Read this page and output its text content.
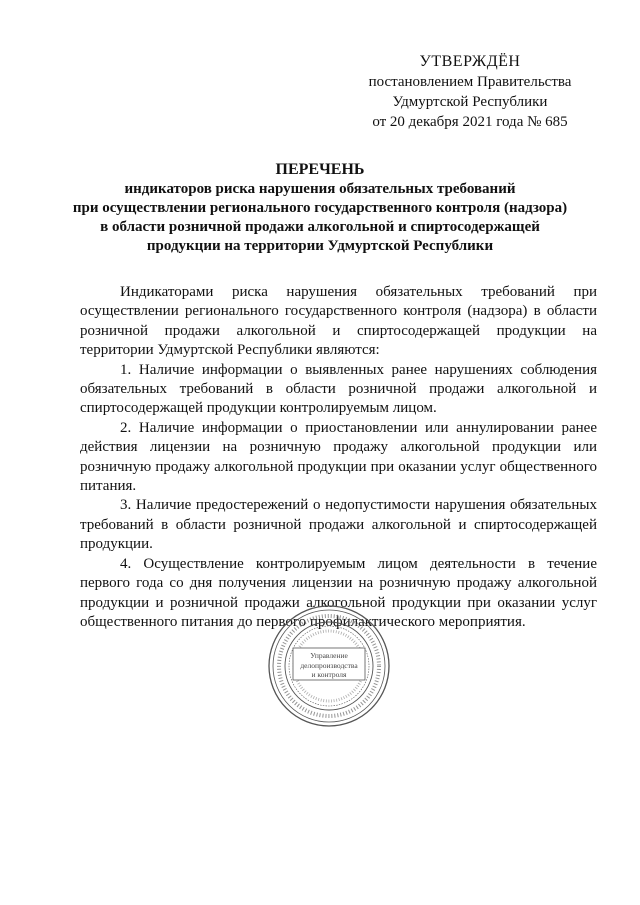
УТВЕРЖДЁН
постановлением Правительства
Удмуртской Республики
от 20 декабря 2021 года № 685
ПЕРЕЧЕНЬ
индикаторов риска нарушения обязательных требований
при осуществлении регионального государственного контроля (надзора)
в области розничной продажи алкогольной и спиртосодержащей
продукции на территории Удмуртской Республики

Индикаторами риска нарушения обязательных требований при осуществлении регионального государственного контроля (надзора) в области розничной продажи алкогольной и спиртосодержащей продукции на территории Удмуртской Республики являются:

1. Наличие информации о выявленных ранее нарушениях соблюдения обязательных требований в области розничной продажи алкогольной и спиртосодержащей продукции контролируемым лицом.

2. Наличие информации о приостановлении или аннулировании ранее действия лицензии на розничную продажу алкогольной продукции или розничную продажу алкогольной продукции при оказании услуг общественного питания.

3. Наличие предостережений о недопустимости нарушения обязательных требований в области розничной продажи алкогольной и спиртосодержащей продукции.

4. Осуществление контролируемым лицом деятельности в течение первого года со дня получения лицензии на розничную продажу алкогольной продукции и розничной продажи алкогольной продукции при оказании услуг общественного питания до первого профилактического мероприятия.

Управление
делопроизводства
и контроля
